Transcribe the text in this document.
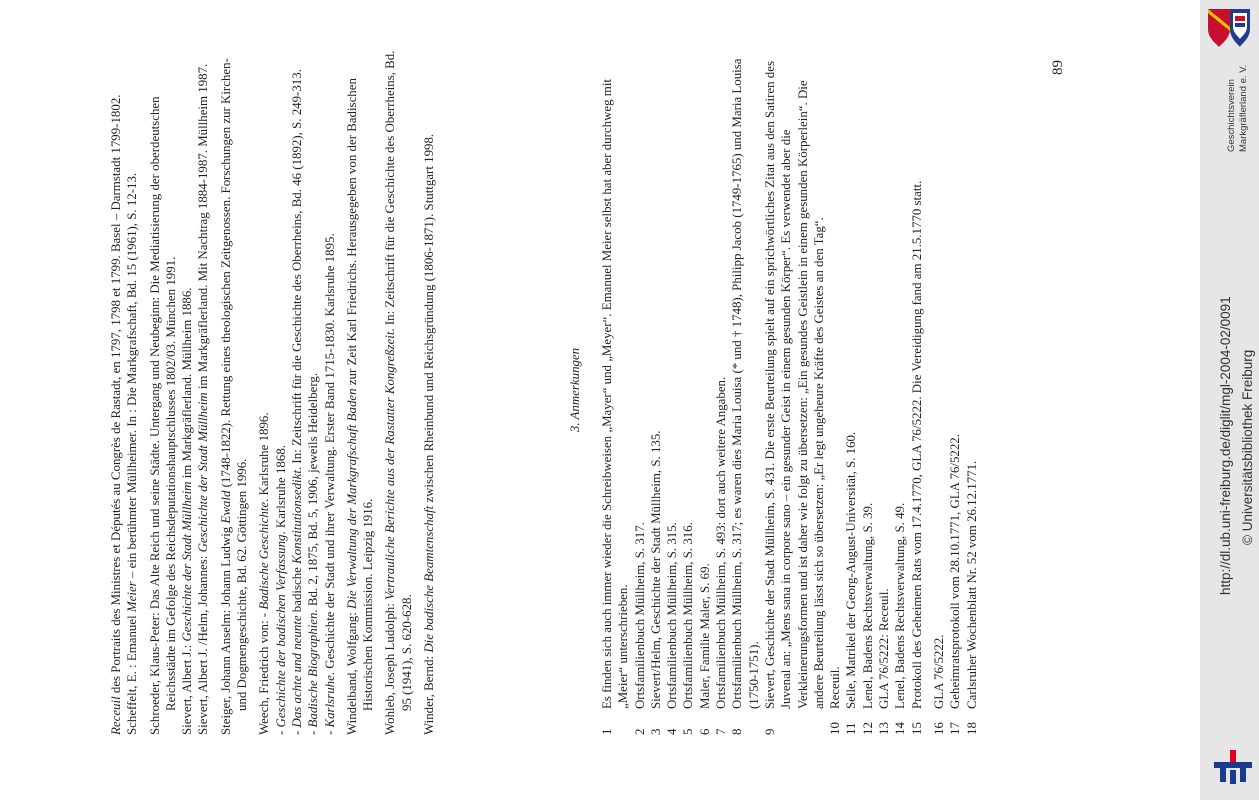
Receuil des Portraits des Ministres et Députés au Congrès de Rastadt, en 1797, 1798 et 1799. Basel – Darmstadt 1799-1802. Scheffelt, E. : Emanuel Meier – ein berühmter Müllheimer. In : Die Markgrafschaft, Bd. 15 (1961), S. 12-13. Schroeder, Klaus-Peter: Das Alte Reich und seine Städte. Untergang und Neubeginn: Die Mediatisierung der oberdeutschen Reichsstädte im Gefolge des Reichsdeputationshauptschlusses 1802/03. München 1991. Sievert, Albert J.: Geschichte der Stadt Müllheim im Markgräflerland. Müllheim 1886.

Sievert, Albert J. /Helm, Johannes: Geschichte der Stadt Müllheim im Markgräflerland. Mit Nachtrag 1884-1987. Müllheim 1987.

Steiger, Johann Anselm: Johann Ludwig Ewald (1748-1822). Rettung eines theologischen Zeitgenossen. Forschungen zur Kirchen- und Dogmengeschichte, Bd. 62. Göttingen 1996. Weech, Friedrich von: - Badische Geschichte. Karlsruhe 1896.

- Geschichte der badischen Verfassung. Karlsruhe 1868.

- Das achte und neunte badische Konstitutionsedikt. In: Zeitschrift für die Geschichte des Oberrheins, Bd. 46 (1892), S. 249-313.

- Badische Biographien. Bd. 2, 1875, Bd. 5, 1906, jeweils Heidelberg.

- Karlsruhe. Geschichte der Stadt und ihrer Verwaltung. Erster Band 1715-1830. Karlsruhe 1895. Windelband, Wolfgang: Die Verwaltung der Markgrafschaft Baden zur Zeit Karl Friedrichs. Herausgegeben von der Badischen Historischen Kommission. Leipzig 1916. Wohleb, Joseph Ludolph: Vertrauliche Berichte aus der Rastatter Kongreßzeit. In: Zeitschrift für die Geschichte des Oberrheins, Bd. 95 (1941), S. 620-628. Winder, Bernd: Die badische Beamtenschaft zwischen Rheinbund und Reichsgründung (1806-1871). Stuttgart 1998.	3. Anmerkungen
1
Es finden sich auch immer wieder die Schreibweisen „Mayer“ und „Meyer“. Emanuel Meier selbst hat aber durchweg mit „Meier“ unterschrieben.
2
Ortsfamilienbuch Müllheim, S. 317.
3
Sievert/Helm, Geschichte der Stadt Müllheim, S. 135.
4
Ortsfamilienbuch Müllheim, S. 315.
5
Ortsfamilienbuch Müllheim, S. 316.
6
Maler, Familie Maler, S. 69.
7
Ortsfamilienbuch Müllheim, S. 493: dort auch weitere Angaben.
8
Ortsfamilienbuch Müllheim, S. 317; es waren dies Maria Louisa (* und † 1748), Philipp Jacob (1749-1765) und Maria Louisa (1750-1751).
9
Sievert, Geschichte der Stadt Müllheim, S. 431. Die erste Beurteilung spielt auf ein sprichwörtliches Zitat aus den Satiren des Juvenal an: „Mens sana in corpore sano – ein gesunder Geist in einem gesunden Körper“. Es verwendet aber die Verkleinerungsformen und ist daher wie folgt zu übersetzen: „Ein gesundes Geistlein in einem gesunden Körperlein“. Die andere Beurteilung lässt sich so übersetzen: „Er legt ungeheure Kräfte des Geistes an den Tag“.
10
Receuil.
11
Selle, Matrikel der Georg-August-Universität, S. 160.
12
Lenel, Badens Rechtsverwaltung, S. 39.
13
GLA 76/5222: Receuil.
14
Lenel, Badens Rechtsverwaltung, S. 49.
15
Protokoll des Geheimen Rats vom 17.4.1770, GLA 76/5222. Die Vereidigung fand am 21.5.1770 statt.
16
GLA 76/5222.
17
Geheimratsprotokoll vom 28.10.1771, GLA 76/5222.
18
Carlsruher Wochenblatt Nr. 52 vom 26.12.1771.
89
Geschichtsverein Markgräflerland e. V.
http://dl.ub.uni-freiburg.de/diglit/mgl-2004-02/0091 © Universitätsbibliothek Freiburg
